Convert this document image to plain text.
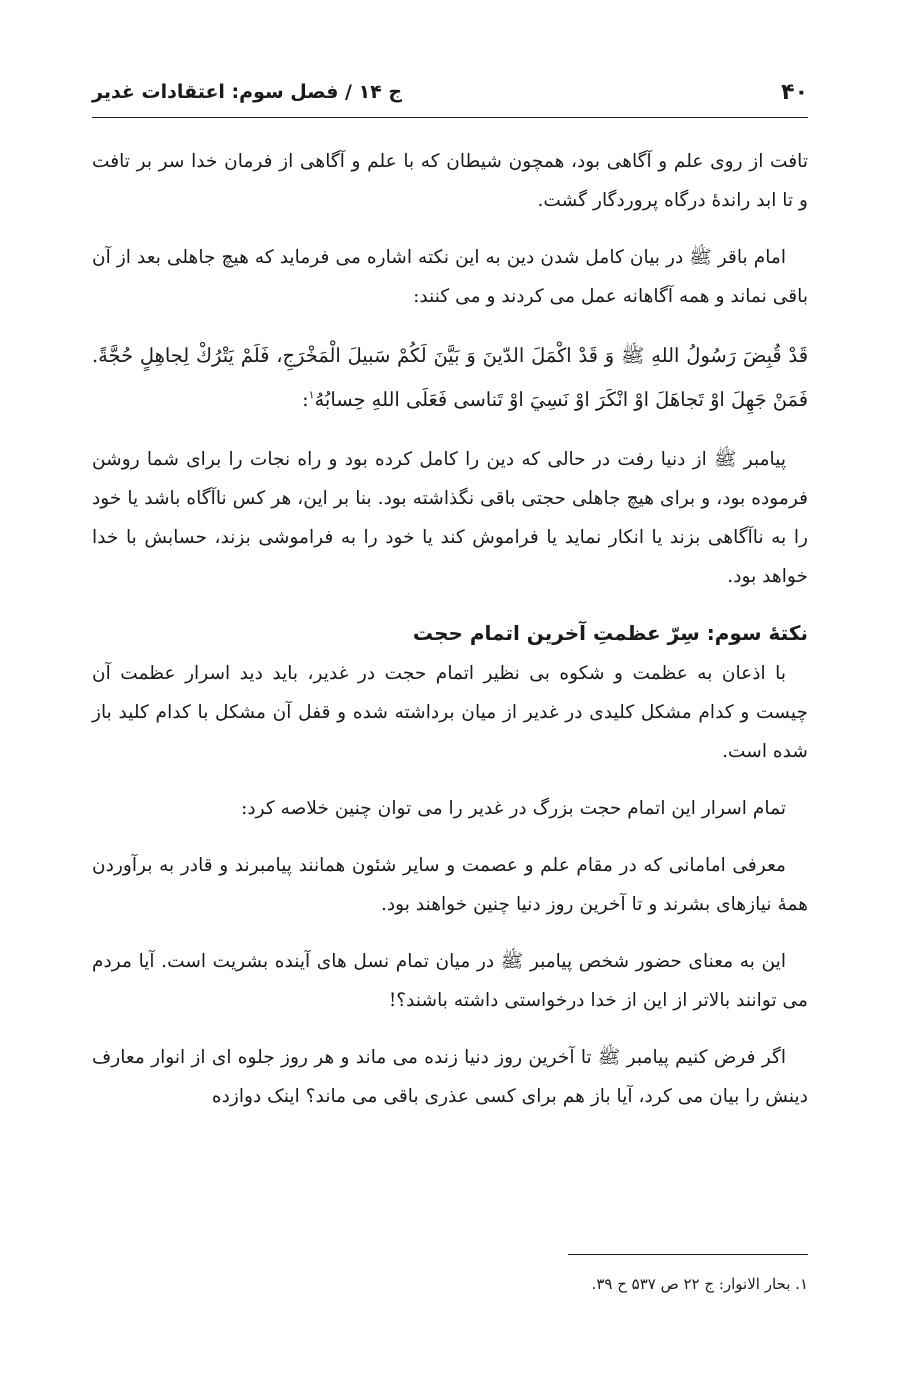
۴۰
ج ۱۴ / فصل سوم: اعتقادات غدیر

تافت از روی علم و آگاهی بود، همچون شیطان که با علم و آگاهی از فرمان خدا سر بر تافت و تا ابد راندهٔ درگاه پروردگار گشت.

امام باقر ﷺ در بیان کامل شدن دین به این نکته اشاره می فرماید که هیچ جاهلی بعد از آن باقی نماند و همه آگاهانه عمل می کردند و می کنند:

قَدْ قُبِضَ رَسُولُ اللهِ ﷺ وَ قَدْ اكْمَلَ الدّينَ وَ بَيَّنَ لَكُمْ سَبيلَ الْمَخْرَجِ، فَلَمْ يَتْرُكْ لِجاهِلٍ حُجَّةً. فَمَنْ جَهِلَ اوْ تَجاهَلَ اوْ انْكَرَ اوْ نَسِيَ اوْ تَناسى فَعَلَى اللهِ حِسابُهُ$^۱$:

پیامبر ﷺ از دنیا رفت در حالی که دین را کامل کرده بود و راه نجات را برای شما روشن فرموده بود، و برای هیچ جاهلی حجتی باقی نگذاشته بود. بنا بر این، هر کس ناآگاه باشد یا خود را به ناآگاهی بزند یا انکار نماید یا فراموش کند یا خود را به فراموشی بزند، حسابش با خدا خواهد بود.

نکتهٔ سوم: سِرّ عظمتِ آخرین اتمام حجت

با اذعان به عظمت و شکوه بی نظیر اتمام حجت در غدیر، باید دید اسرار عظمت آن چیست و کدام مشکل کلیدی در غدیر از میان برداشته شده و قفل آن مشکل با کدام کلید باز شده است.

تمام اسرار این اتمام حجت بزرگ در غدیر را می توان چنین خلاصه کرد:

معرفی امامانی که در مقام علم و عصمت و سایر شئون همانند پیامبرند و قادر به برآوردن همهٔ نیازهای بشرند و تا آخرین روز دنیا چنین خواهند بود.

این به معنای حضور شخص پیامبر ﷺ در میان تمام نسل های آینده بشریت است. آیا مردم می توانند بالاتر از این از خدا درخواستی داشته باشند؟!

اگر فرض کنیم پیامبر ﷺ تا آخرین روز دنیا زنده می ماند و هر روز جلوه ای از انوار معارف دینش را بیان می کرد، آیا باز هم برای کسی عذری باقی می ماند؟ اینک دوازده

۱. بحار الانوار: ج ۲۲ ص ۵۳۷ ح ۳۹.
